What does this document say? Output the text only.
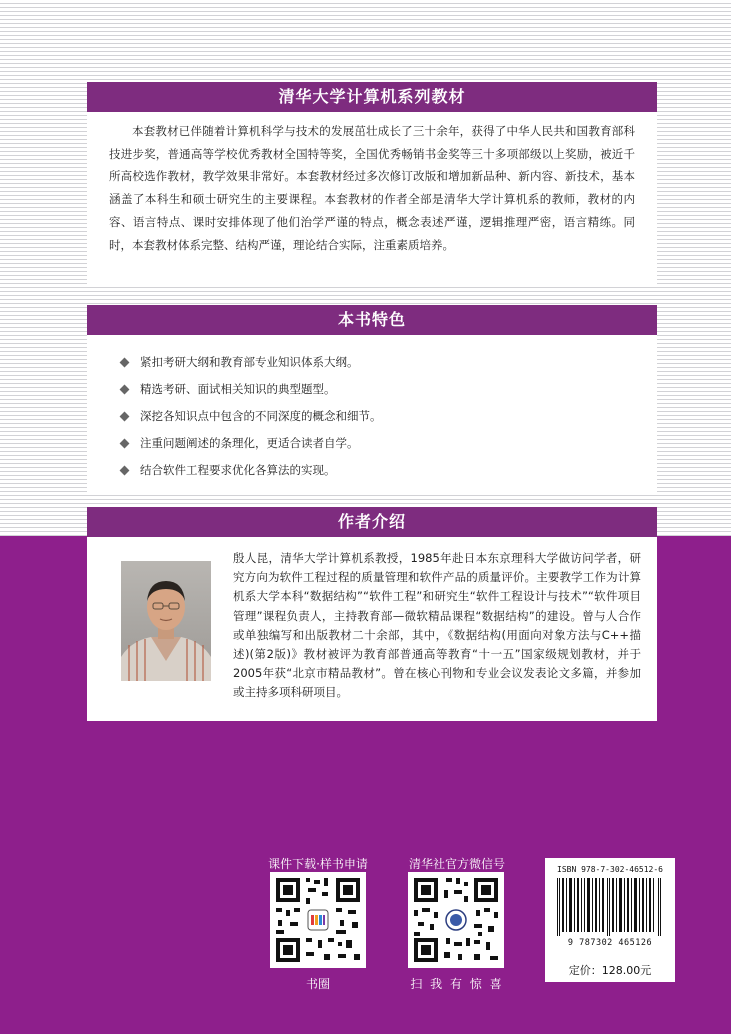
清华大学计算机系列教材

本套教材已伴随着计算机科学与技术的发展茁壮成长了三十余年，获得了中华人民共和国教育部科技进步奖，普通高等学校优秀教材全国特等奖，全国优秀畅销书金奖等三十多项部级以上奖励，被近千所高校选作教材，教学效果非常好。本套教材经过多次修订改版和增加新品种、新内容、新技术，基本涵盖了本科生和硕士研究生的主要课程。本套教材的作者全部是清华大学计算机系的教师，教材的内容、语言特点、课时安排体现了他们治学严谨的特点，概念表述严谨，逻辑推理严密，语言精练。同时，本套教材体系完整、结构严谨，理论结合实际，注重素质培养。

本书特色
紧扣考研大纲和教育部专业知识体系大纲。
精选考研、面试相关知识的典型题型。
深挖各知识点中包含的不同深度的概念和细节。
注重问题阐述的条理化，更适合读者自学。
结合软件工程要求优化各算法的实现。
作者介绍

殷人昆，清华大学计算机系教授，1985年赴日本东京理科大学做访问学者，研究方向为软件工程过程的质量管理和软件产品的质量评价。主要教学工作为计算机系大学本科“数据结构”“软件工程”和研究生“软件工程设计与技术”“软件项目管理”课程负责人，主持教育部—微软精品课程“数据结构”的建设。曾与人合作或单独编写和出版教材二十余部，其中，《数据结构(用面向对象方法与C++描述)(第2版)》教材被评为教育部普通高等教育“十一五”国家级规划教材，并于2005年获“北京市精品教材”。曾在核心刊物和专业会议发表论文多篇，并参加或主持多项科研项目。

课件下载·样书申请
书圈
清华社官方微信号
扫 我 有 惊 喜
ISBN 978-7-302-46512-6
9 787302 465126
定价：128.00元
